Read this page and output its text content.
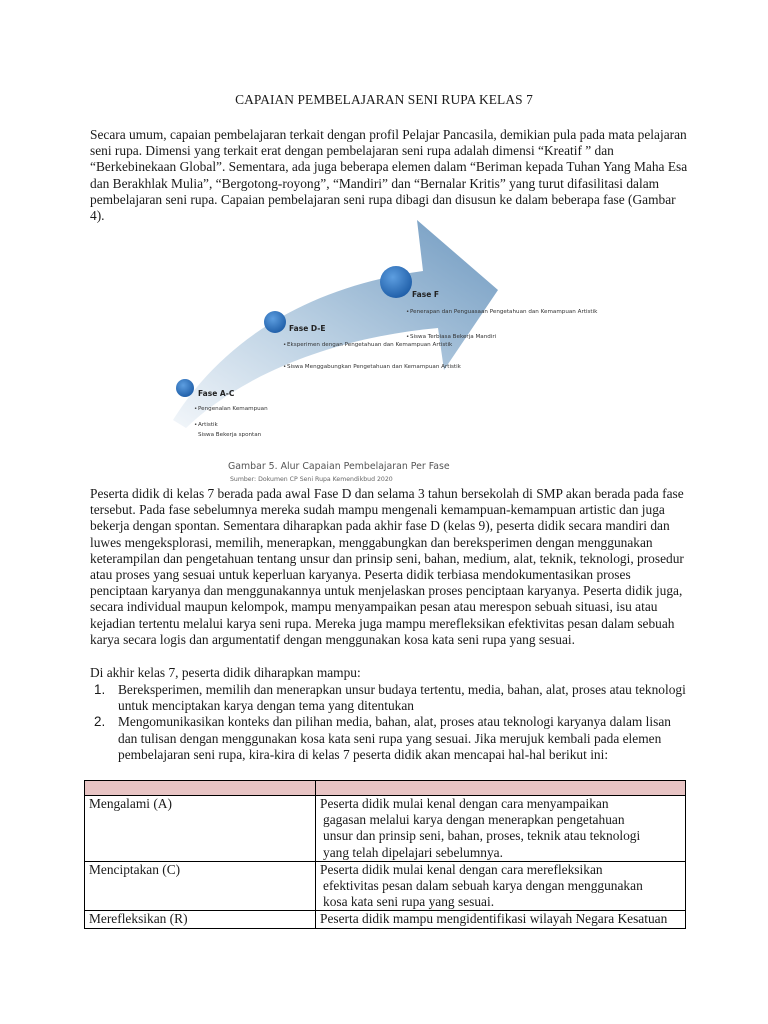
CAPAIAN PEMBELAJARAN SENI RUPA KELAS 7

Secara umum, capaian pembelajaran terkait dengan profil Pelajar Pancasila, demikian pula pada mata pelajaran seni rupa. Dimensi yang terkait erat dengan pembelajaran seni rupa adalah dimensi “Kreatif ” dan “Berkebinekaan Global”. Sementara, ada juga beberapa elemen dalam “Beriman kepada Tuhan Yang Maha Esa dan Berakhlak Mulia”, “Bergotong-royong”, “Mandiri” dan “Bernalar Kritis” yang turut difasilitasi dalam pembelajaran seni rupa. Capaian pembelajaran seni rupa dibagi dan disusun ke dalam beberapa fase (Gambar 4).

Fase A-C
Fase D-E
Fase F
• Pengenalan Kemampuan
• Artistik
Siswa Bekerja spontan
• Eksperimen dengan Pengetahuan dan Kemampuan Artistik
• Siswa Menggabungkan Pengetahuan dan Kemampuan Artistik
• Penerapan dan Penguasaan Pengetahuan dan Kemampuan Artistik
• Siswa Terbiasa Bekerja Mandiri
Gambar 5. Alur Capaian Pembelajaran Per Fase
Sumber: Dokumen CP Seni Rupa Kemendikbud 2020

Peserta didik di kelas 7 berada pada awal Fase D dan selama 3 tahun bersekolah di SMP akan berada pada fase tersebut. Pada fase sebelumnya mereka sudah mampu mengenali kemampuan-kemampuan artistic dan juga bekerja dengan spontan. Sementara diharapkan pada akhir fase D (kelas 9), peserta didik secara mandiri dan luwes mengeksplorasi, memilih, menerapkan, menggabungkan dan bereksperimen dengan menggunakan keterampilan dan pengetahuan tentang unsur dan prinsip seni, bahan, medium, alat, teknik, teknologi, prosedur atau proses yang sesuai untuk keperluan karyanya. Peserta didik terbiasa mendokumentasikan proses penciptaan karyanya dan menggunakannya untuk menjelaskan proses penciptaan karyanya. Peserta didik juga, secara individual maupun kelompok, mampu menyampaikan pesan atau merespon sebuah situasi, isu atau kejadian tertentu melalui karya seni rupa. Mereka juga mampu merefleksikan efektivitas pesan dalam sebuah karya secara logis dan argumentatif dengan menggunakan kosa kata seni rupa yang sesuai.

Di akhir kelas 7, peserta didik diharapkan mampu:

1. Bereksperimen, memilih dan menerapkan unsur budaya tertentu, media, bahan, alat, proses atau teknologi untuk menciptakan karya dengan tema yang ditentukan
2. Mengomunikasikan konteks dan pilihan media, bahan, alat, proses atau teknologi karyanya dalam lisan dan tulisan dengan menggunakan kosa kata seni rupa yang sesuai. Jika merujuk kembali pada elemen pembelajaran seni rupa, kira-kira di kelas 7 peserta didik akan mencapai hal-hal berikut ini:

Mengalami (A)	Peserta didik mulai kenal dengan cara menyampaikan
gagasan melalui karya dengan menerapkan pengetahuan
unsur dan prinsip seni, bahan, proses, teknik atau teknologi
yang telah dipelajari sebelumnya.

Menciptakan (C)	Peserta didik mulai kenal dengan cara merefleksikan
efektivitas pesan dalam sebuah karya dengan menggunakan
kosa kata seni rupa yang sesuai.

Merefleksikan (R)	Peserta didik mampu mengidentifikasi wilayah Negara Kesatuan
